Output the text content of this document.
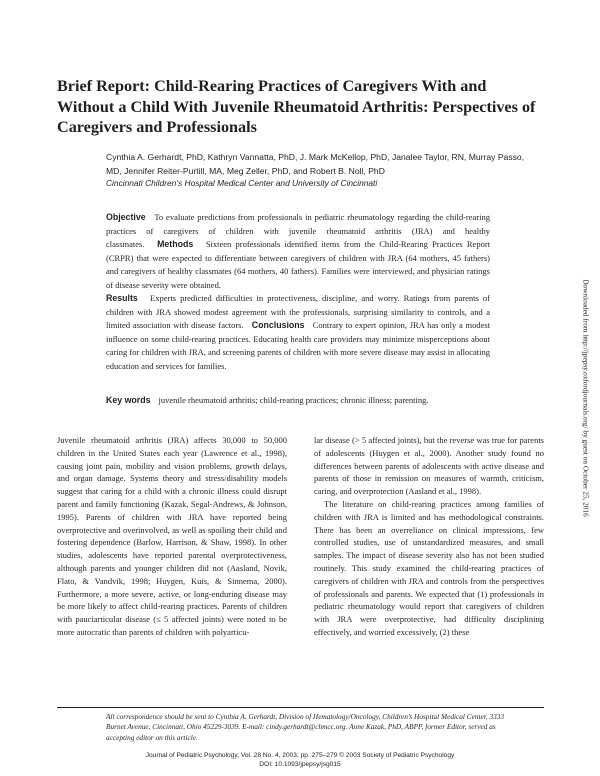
Brief Report: Child-Rearing Practices of Caregivers With and Without a Child With Juvenile Rheumatoid Arthritis: Perspectives of Caregivers and Professionals
Cynthia A. Gerhardt, PhD, Kathryn Vannatta, PhD, J. Mark McKellop, PhD, Janalee Taylor, RN, Murray Passo, MD, Jennifer Reiter-Purtill, MA, Meg Zeller, PhD, and Robert B. Noll, PhD
Cincinnati Children’s Hospital Medical Center and University of Cincinnati
Objective To evaluate predictions from professionals in pediatric rheumatology regarding the child-rearing practices of caregivers of children with juvenile rheumatoid arthritis (JRA) and healthy classmates. Methods Sixteen professionals identified items from the Child-Rearing Practices Report (CRPR) that were expected to differentiate between caregivers of children with JRA (64 mothers, 45 fathers) and caregivers of healthy classmates (64 mothers, 40 fathers). Families were interviewed, and physician ratings of disease severity were obtained.
Results Experts predicted difficulties in protectiveness, discipline, and worry. Ratings from parents of children with JRA showed modest agreement with the professionals, surprising similarity to controls, and a limited association with disease factors. Conclusions Contrary to expert opinion, JRA has only a modest influence on some child-rearing practices. Educating health care providers may minimize misperceptions about caring for children with JRA, and screening parents of children with more severe disease may assist in allocating education and services for families.
Key words juvenile rheumatoid arthritis; child-rearing practices; chronic illness; parenting.

Juvenile rheumatoid arthritis (JRA) affects 30,000 to 50,000 children in the United States each year (Lawrence et al., 1998), causing joint pain, mobility and vision problems, growth delays, and organ damage. Systems theory and stress/disability models suggest that caring for a child with a chronic illness could disrupt parent and family functioning (Kazak, Segal-Andrews, & Johnson, 1995). Parents of children with JRA have reported being overprotective and overinvolved, as well as spoiling their child and fostering dependence (Barlow, Harrison, & Shaw, 1998). In other studies, adolescents have reported parental overprotectiveness, although parents and younger children did not (Aasland, Novik, Flato, & Vandvik, 1998; Huygen, Kuis, & Sinnema, 2000). Furthermore, a more severe, active, or long-enduring disease may be more likely to affect child-rearing practices. Parents of children with pauciarticular disease (≤ 5 affected joints) were noted to be more autocratic than parents of children with polyarticu-

lar disease (> 5 affected joints), but the reverse was true for parents of adolescents (Huygen et al., 2000). Another study found no differences between parents of adolescents with active disease and parents of those in remission on measures of warmth, criticism, caring, and overprotection (Aasland et al., 1998).

The literature on child-rearing practices among families of children with JRA is limited and has methodological constraints. There has been an overreliance on clinical impressions, few controlled studies, use of unstandardized measures, and small samples. The impact of disease severity also has not been studied routinely. This study examined the child-rearing practices of caregivers of children with JRA and controls from the perspectives of professionals and parents. We expected that (1) professionals in pediatric rheumatology would report that caregivers of children with JRA were overprotective, had difficulty disciplining effectively, and worried excessively, (2) these

All correspondence should be sent to Cynthia A. Gerhardt, Division of Hematology/Oncology, Children’s Hospital Medical Center, 3333 Burnet Avenue, Cincinnati, Ohio 45229-3039. E-mail: cindy.gerhardt@chmcc.org. Anne Kazak, PhD, ABPP, former Editor, served as accepting editor on this article.
Journal of Pediatric Psychology, Vol. 28 No. 4, 2003, pp. 275–279 © 2003 Society of Pediatric Psychology
DOI: 10.1093/jpepsy/jsg015
Downloaded from http://jpepsy.oxfordjournals.org/ by guest on October 25, 2016
